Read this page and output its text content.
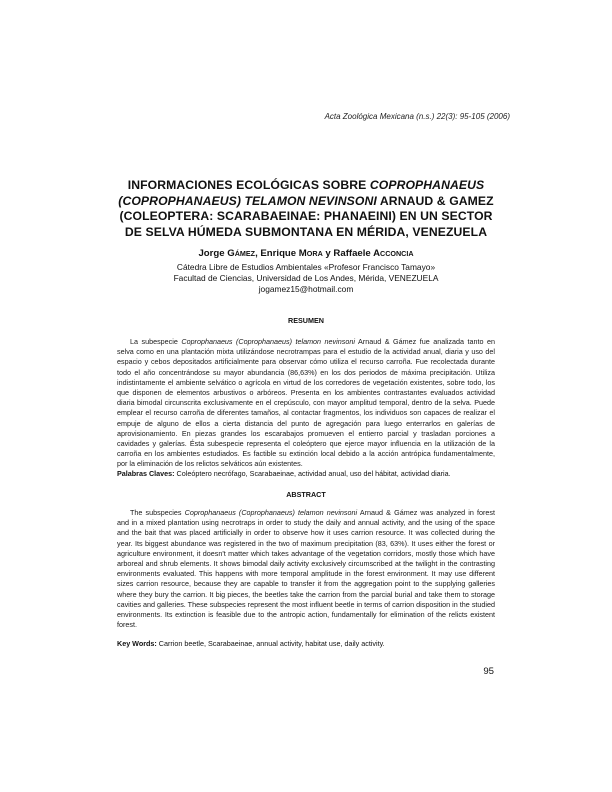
Acta Zoológica Mexicana (n.s.) 22(3): 95-105 (2006)
INFORMACIONES ECOLÓGICAS SOBRE COPROPHANAEUS
(COPROPHANAEUS) TELAMON NEVINSONI ARNAUD & GAMEZ
(COLEOPTERA: SCARABAEINAE: PHANAEINI) EN UN SECTOR
DE SELVA HÚMEDA SUBMONTANA EN MÉRIDA, VENEZUELA
Jorge GÁMEZ, Enrique MORA y Raffaele ACCONCIA
Cátedra Libre de Estudios Ambientales «Profesor Francisco Tamayo»
Facultad de Ciencias, Universidad de Los Andes, Mérida, VENEZUELA
jogamez15@hotmail.com
RESUMEN

La subespecie Coprophanaeus (Coprophanaeus) telamon nevinsoni Arnaud & Gámez fue analizada tanto en selva como en una plantación mixta utilizándose necrotrampas para el estudio de la actividad anual, diaria y uso del espacio y cebos depositados artificialmente para observar cómo utiliza el recurso carroña. Fue recolectada durante todo el año concentrándose su mayor abundancia (86,63%) en los dos periodos de máxima precipitación. Utiliza indistintamente el ambiente selvático o agrícola en virtud de los corredores de vegetación existentes, sobre todo, los que disponen de elementos arbustivos o arbóreos. Presenta en los ambientes contrastantes evaluados actividad diaria bimodal circunscrita exclusivamente en el crepúsculo, con mayor amplitud temporal, dentro de la selva. Puede emplear el recurso carroña de diferentes tamaños, al contactar fragmentos, los individuos son capaces de realizar el empuje de alguno de ellos a cierta distancia del punto de agregación para luego enterrarlos en galerías de aprovisionamiento. En piezas grandes los escarabajos promueven el entierro parcial y trasladan porciones a cavidades y galerías. Ésta subespecie representa el coleóptero que ejerce mayor influencia en la utilización de la carroña en los ambientes estudiados. Es factible su extinción local debido a la acción antrópica fundamentalmente, por la eliminación de los relictos selváticos aún existentes.

Palabras Claves: Coleóptero necrófago, Scarabaeinae, actividad anual, uso del hábitat, actividad diaria.
ABSTRACT

The subspecies Coprophanaeus (Coprophanaeus) telamon nevinsoni Arnaud & Gámez was analyzed in forest and in a mixed plantation using necrotraps in order to study the daily and annual activity, and the using of the space and the bait that was placed artificially in order to observe how it uses carrion resource. It was collected during the year. Its biggest abundance was registered in the two of maximum precipitation (83, 63%). It uses either the forest or agriculture environment, it doesn't matter which takes advantage of the vegetation corridors, mostly those which have arboreal and shrub elements. It shows bimodal daily activity exclusively circumscribed at the twilight in the contrasting environments evaluated. This happens with more temporal amplitude in the forest environment. It may use different sizes carrion resource, because they are capable to transfer it from the aggregation point to the supplying galleries where they bury the carrion. It big pieces, the beetles take the carrion from the parcial burial and take them to storage cavities and galleries. These subspecies represent the most influent beetle in terms of carrion disposition in the studied environments. Its extinction is feasible due to the antropic action, fundamentally for elimination of the relicts existent forest.

Key Words: Carrion beetle, Scarabaeinae, annual activity, habitat use, daily activity.
95
